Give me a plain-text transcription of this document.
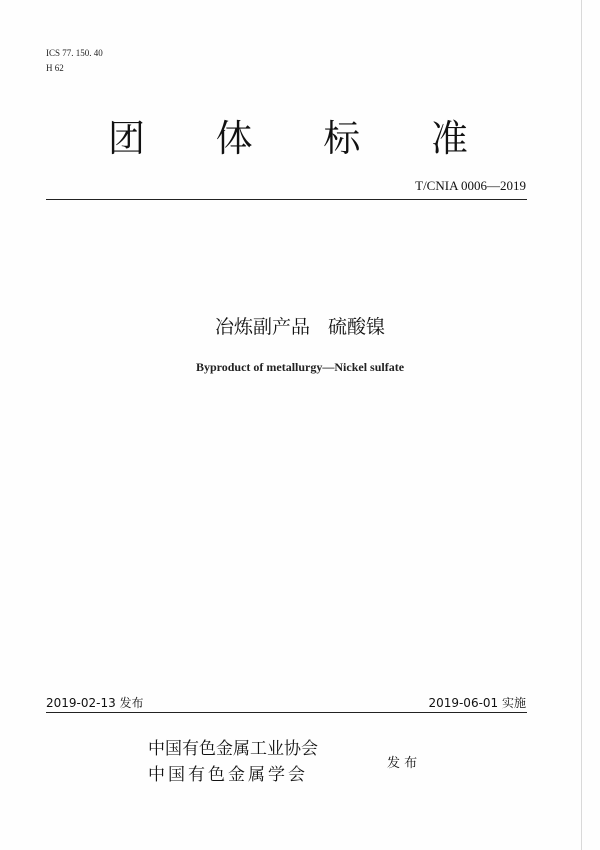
ICS 77. 150. 40
H 62
团 体 标 准
T/CNIA 0006—2019
冶炼副产品   硫酸镍
Byproduct of metallurgy—Nickel sulfate
2019-02-13 发布	2019-06-01 实施
中国有色金属工业协会
中国有色金属学会
发 布
